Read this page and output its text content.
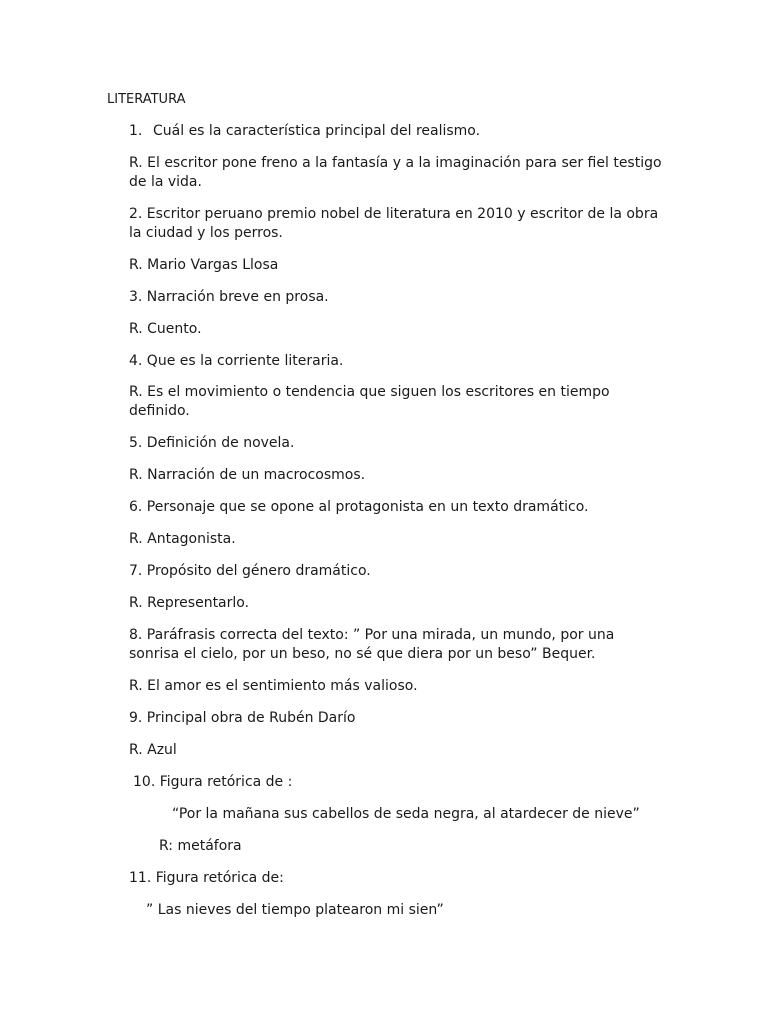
LITERATURA
1. Cuál es la característica principal del realismo.
R. El escritor pone freno a la fantasía y a la imaginación para ser fiel testigo de la vida.
2. Escritor peruano premio nobel de literatura en 2010 y escritor de la obra la ciudad y los perros.
R. Mario Vargas Llosa
3. Narración breve en prosa.
R. Cuento.
4. Que es la corriente literaria.
R. Es el movimiento o tendencia que siguen los escritores en tiempo definido.
5. Definición de novela.
R. Narración de un macrocosmos.
6. Personaje que se opone al protagonista en un texto dramático.
R. Antagonista.
7. Propósito del género dramático.
R. Representarlo.
8. Paráfrasis correcta del texto: ” Por una mirada, un mundo, por una sonrisa el cielo, por un beso, no sé que diera por un beso” Bequer.
R. El amor es el sentimiento más valioso.
9. Principal obra de Rubén Darío
R. Azul
10. Figura retórica de :
“Por la mañana sus cabellos de seda negra, al atardecer de nieve”
R: metáfora
11. Figura retórica de:
” Las nieves del tiempo platearon mi sien”
